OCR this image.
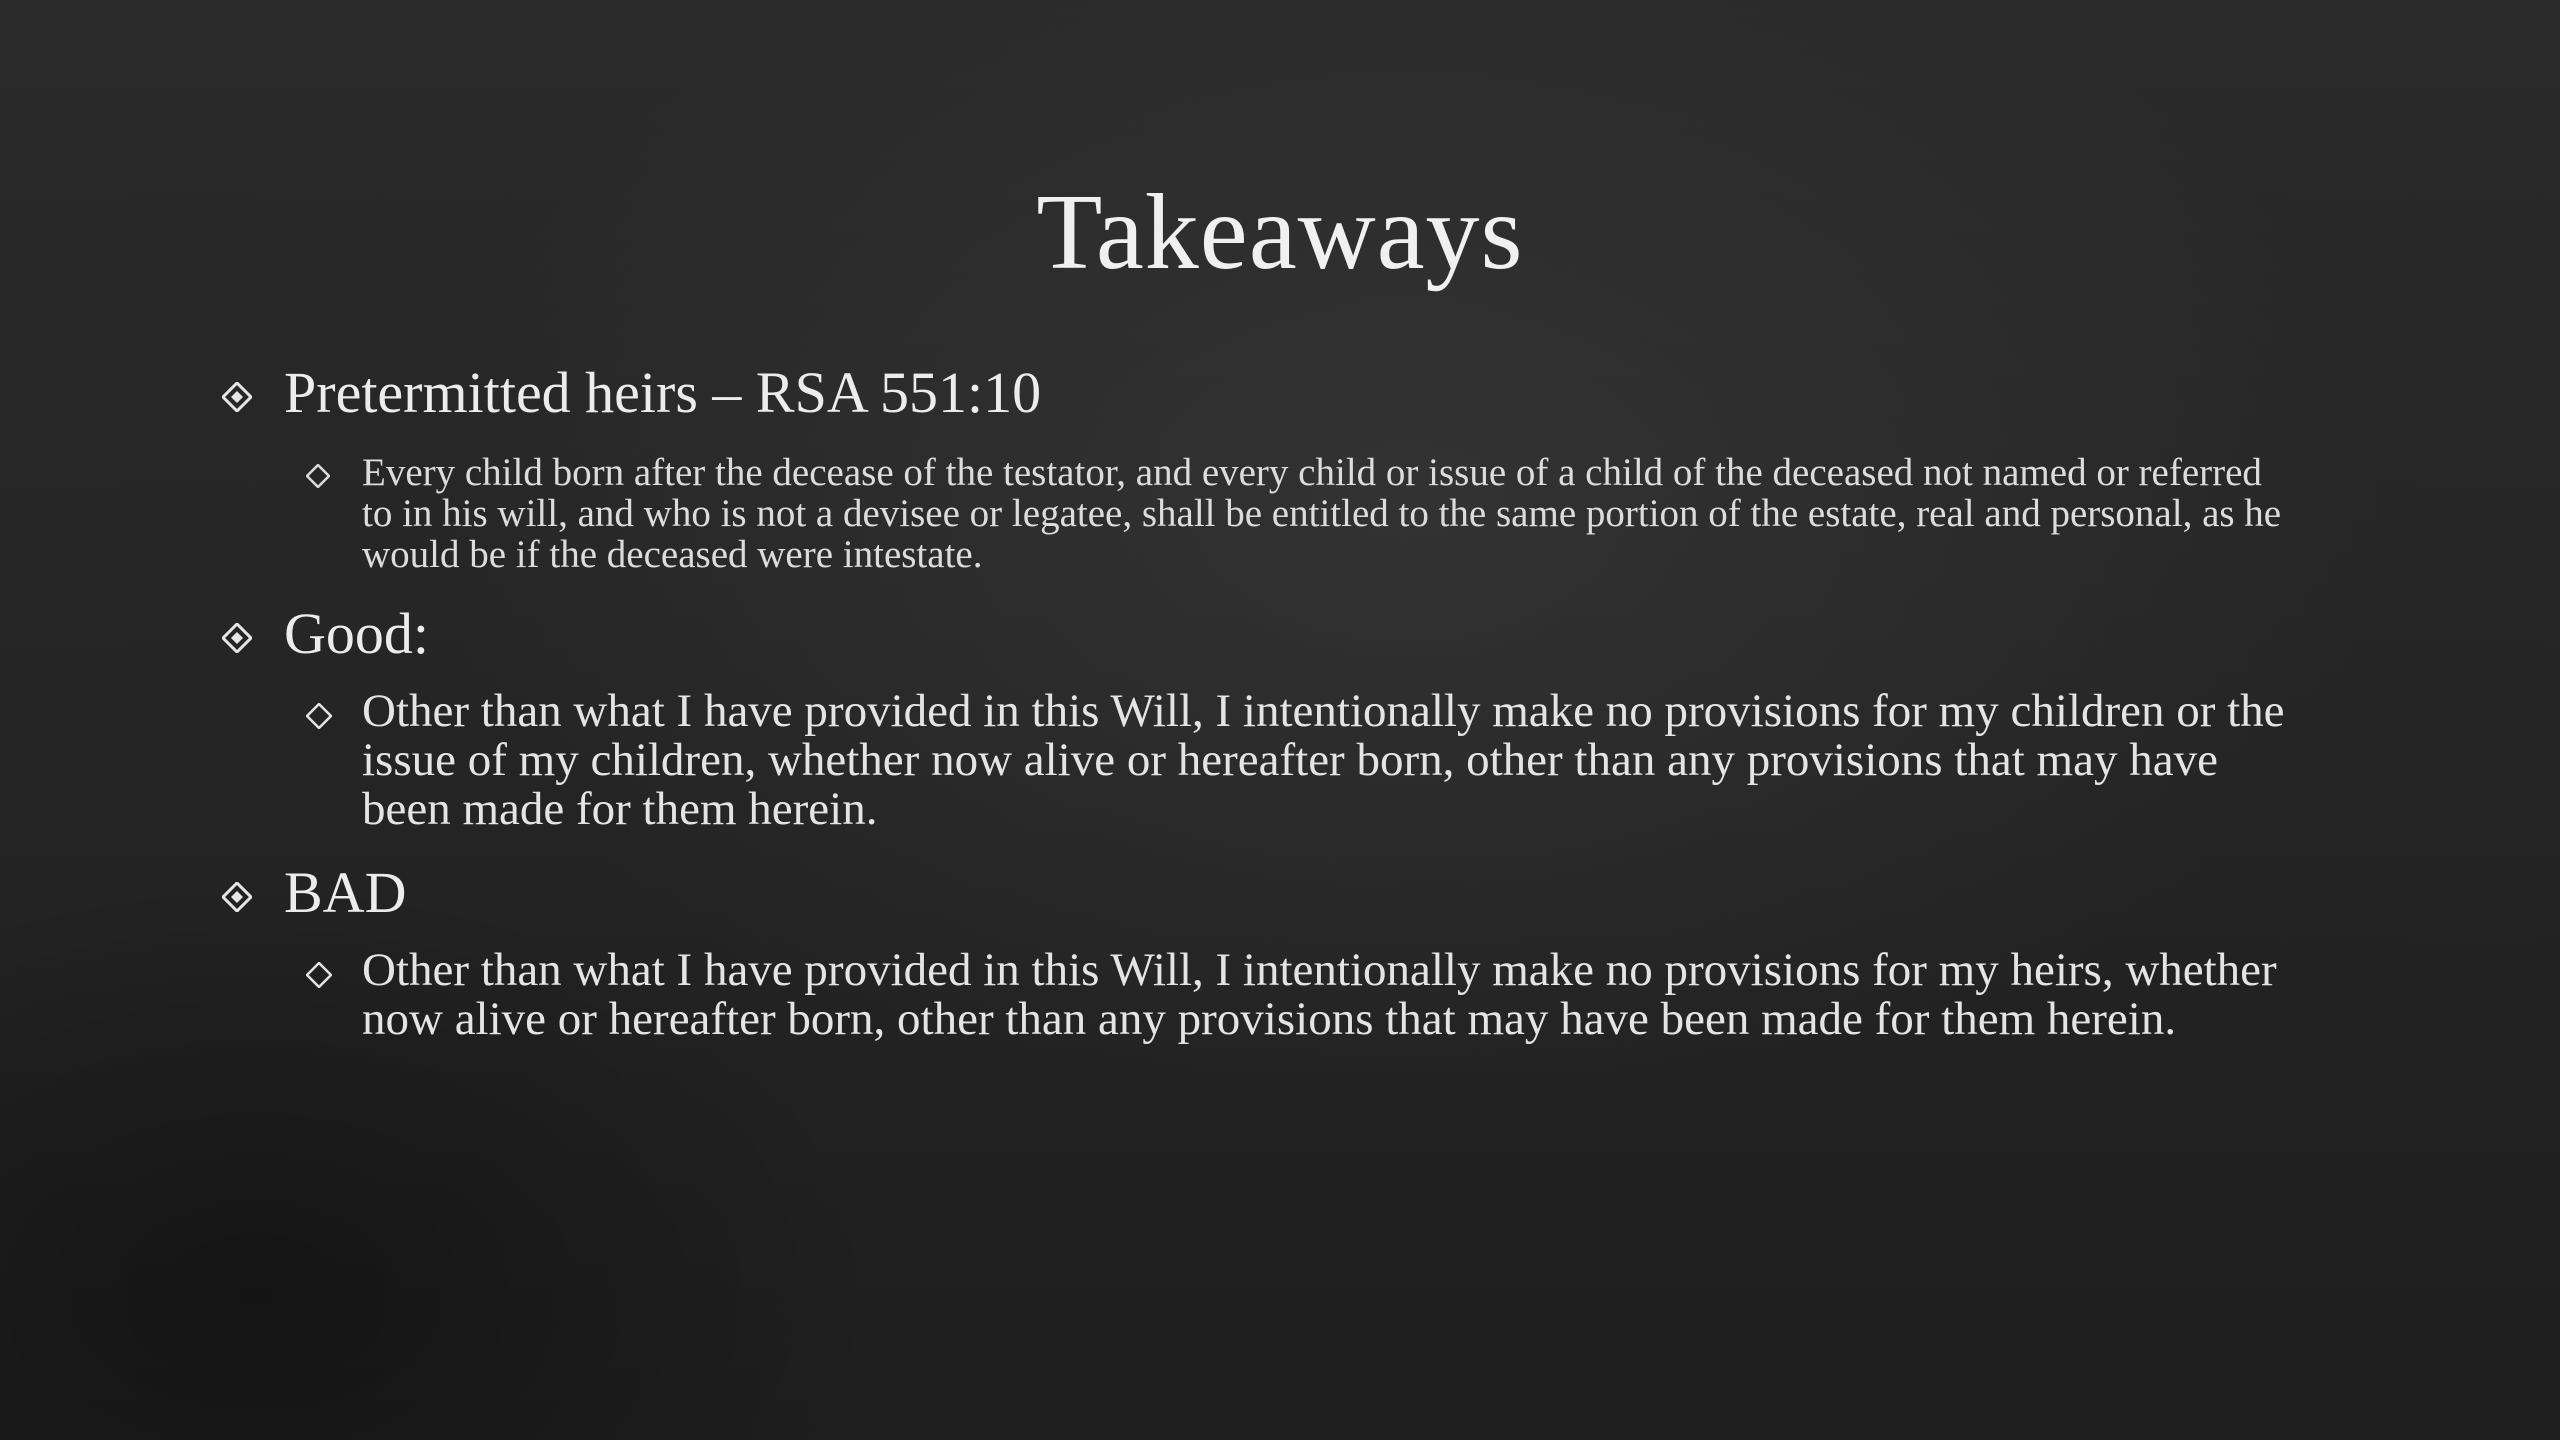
Takeaways
Pretermitted heirs – RSA 551:10
Every child born after the decease of the testator, and every child or issue of a child of the deceased not named or referred to in his will, and who is not a devisee or legatee, shall be entitled to the same portion of the estate, real and personal, as he would be if the deceased were intestate.
Good:
Other than what I have provided in this Will, I intentionally make no provisions for my children or the issue of my children, whether now alive or hereafter born, other than any provisions that may have been made for them herein.
BAD
Other than what I have provided in this Will, I intentionally make no provisions for my heirs, whether now alive or hereafter born, other than any provisions that may have been made for them herein.
